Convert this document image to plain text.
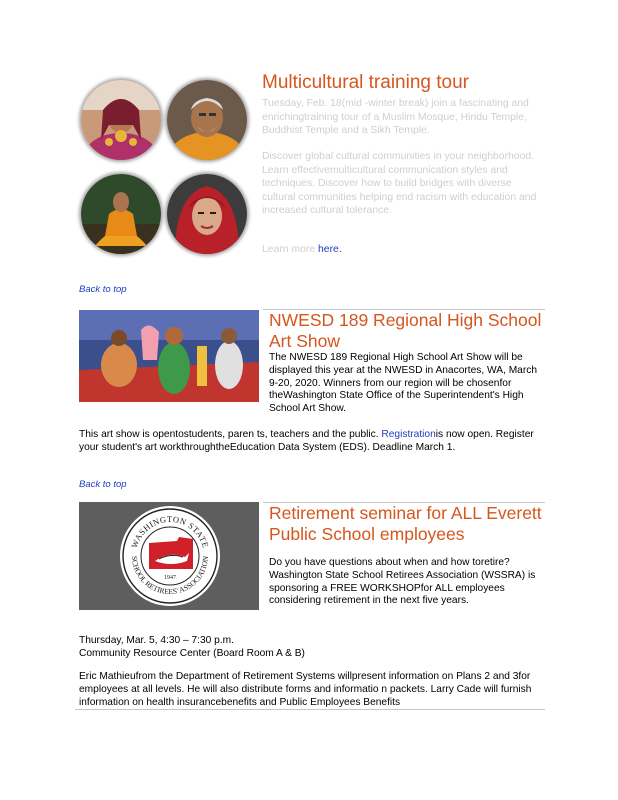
Multicultural training tour
Tuesday, Feb. 18(mid -winter break) join a fascinating and enrichingtraining tour of a Muslim Mosque, Hindu Temple, Buddhist Temple and a Sikh Temple.
Discover global cultural communities in your neighborhood. Learn effectivemulticultural communication styles and techniques. Discover how to build bridges with diverse cultural communities helping end racism with education and increased cultural tolerance.
Learn more here.
Back to top
NWESD 189 Regional High School Art Show
The NWESD 189 Regional High School Art Show will be displayed this year at the NWESD in Anacortes, WA, March 9-20, 2020. Winners from our region will be chosenfor theWashington State Office of the Superintendent's High School Art Show.
This art show is opentostudents, paren ts, teachers and the public. Registrationis now open. Register your student's art workthroughtheEducation Data System (EDS). Deadline March 1.
Back to top
WASHINGTON STATE
SCHOOL RETIREES' ASSOCIATION
1947
Retirement seminar for ALL Everett Public School employees
Do you have questions about when and how toretire? Washington State School Retirees Association (WSSRA) is sponsoring a FREE WORKSHOPfor ALL employees considering retirement in the next five years.
Thursday, Mar. 5, 4:30 – 7:30 p.m.
Community Resource Center (Board Room A & B)
Eric Mathieufrom the Department of Retirement Systems willpresent information on Plans 2 and 3for employees at all levels. He will also distribute forms and informatio n packets. Larry Cade will furnish information on health insurancebenefits and Public Employees Benefits
